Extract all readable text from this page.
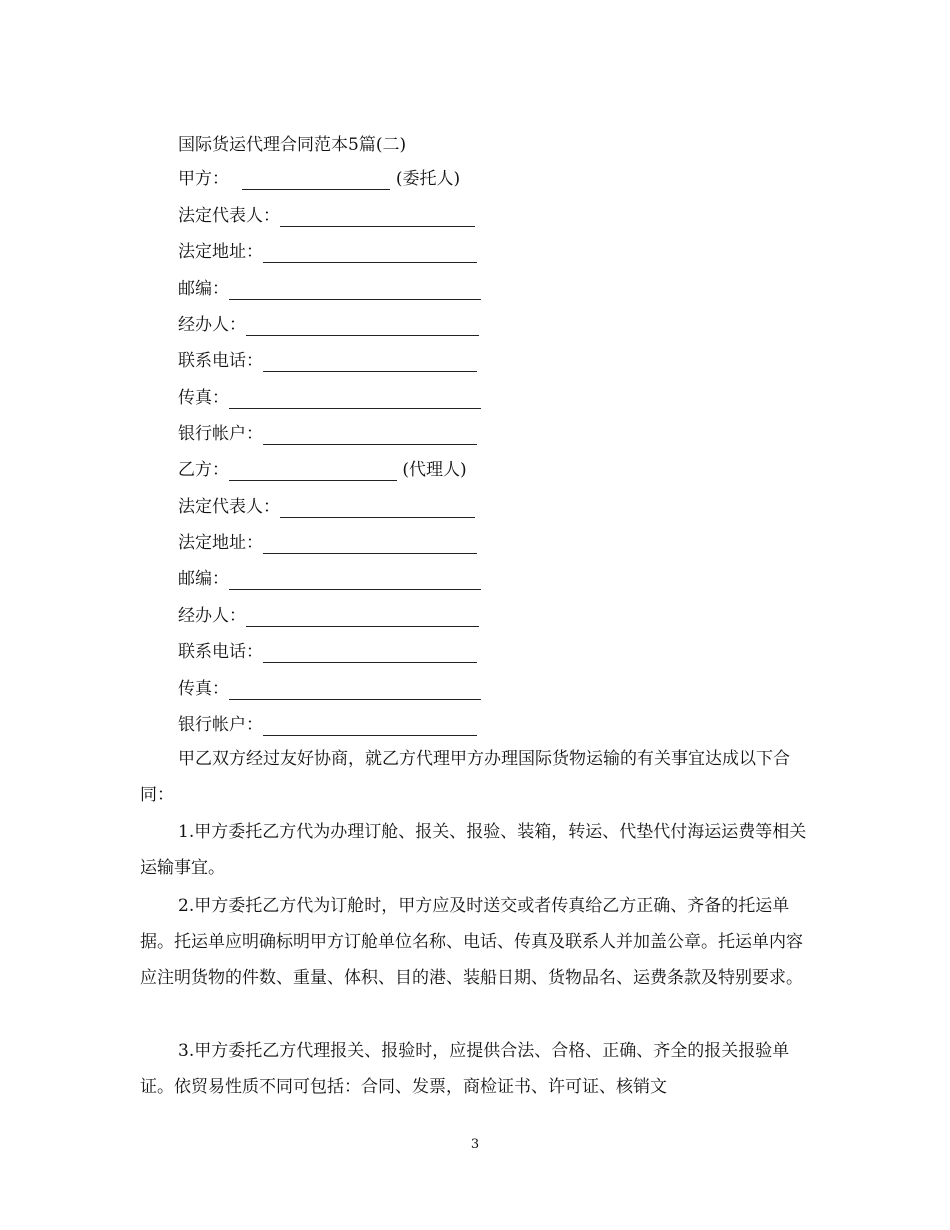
国际货运代理合同范本5篇(二)
甲方：	(委托人)
法定代表人：
法定地址：
邮编：
经办人：
联系电话：
传真：
银行帐户：
乙方：	(代理人)
法定代表人：
法定地址：
邮编：
经办人：
联系电话：
传真：
银行帐户：
甲乙双方经过友好协商，就乙方代理甲方办理国际货物运输的有关事宜达成以下合同：
1.甲方委托乙方代为办理订舱、报关、报验、装箱，转运、代垫代付海运运费等相关运输事宜。
2.甲方委托乙方代为订舱时，甲方应及时送交或者传真给乙方正确、齐备的托运单据。托运单应明确标明甲方订舱单位名称、电话、传真及联系人并加盖公章。托运单内容应注明货物的件数、重量、体积、目的港、装船日期、货物品名、运费条款及特别要求。
3.甲方委托乙方代理报关、报验时，应提供合法、合格、正确、齐全的报关报验单证。依贸易性质不同可包括：合同、发票，商检证书、许可证、核销文
3
